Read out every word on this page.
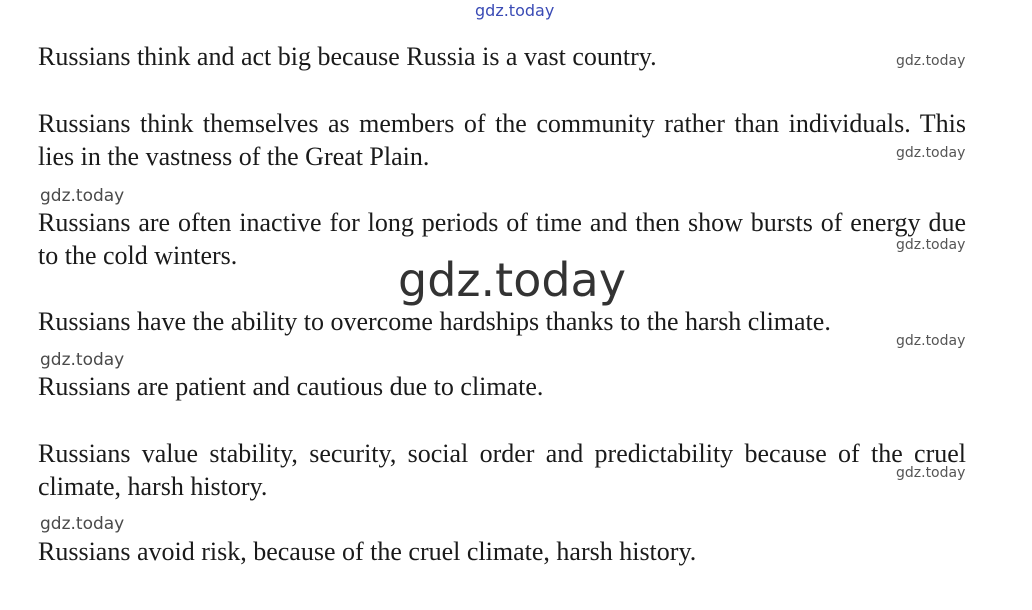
gdz.today

Russians think and act big because Russia is a vast country.	gdz.today

Russians think themselves as members of the community rather than individuals. This lies in the vastness of the Great Plain.	gdz.today
gdz.today

Russians are often inactive for long periods of time and then show bursts of energy due to the cold winters.	gdz.today
gdz.today

Russians have the ability to overcome hardships thanks to the harsh climate.

gdz.today
gdz.today

Russians are patient and cautious due to climate.

Russians value stability, security, social order and predictability because of the cruel climate, harsh history.	gdz.today
gdz.today

Russians avoid risk, because of the cruel climate, harsh history.
